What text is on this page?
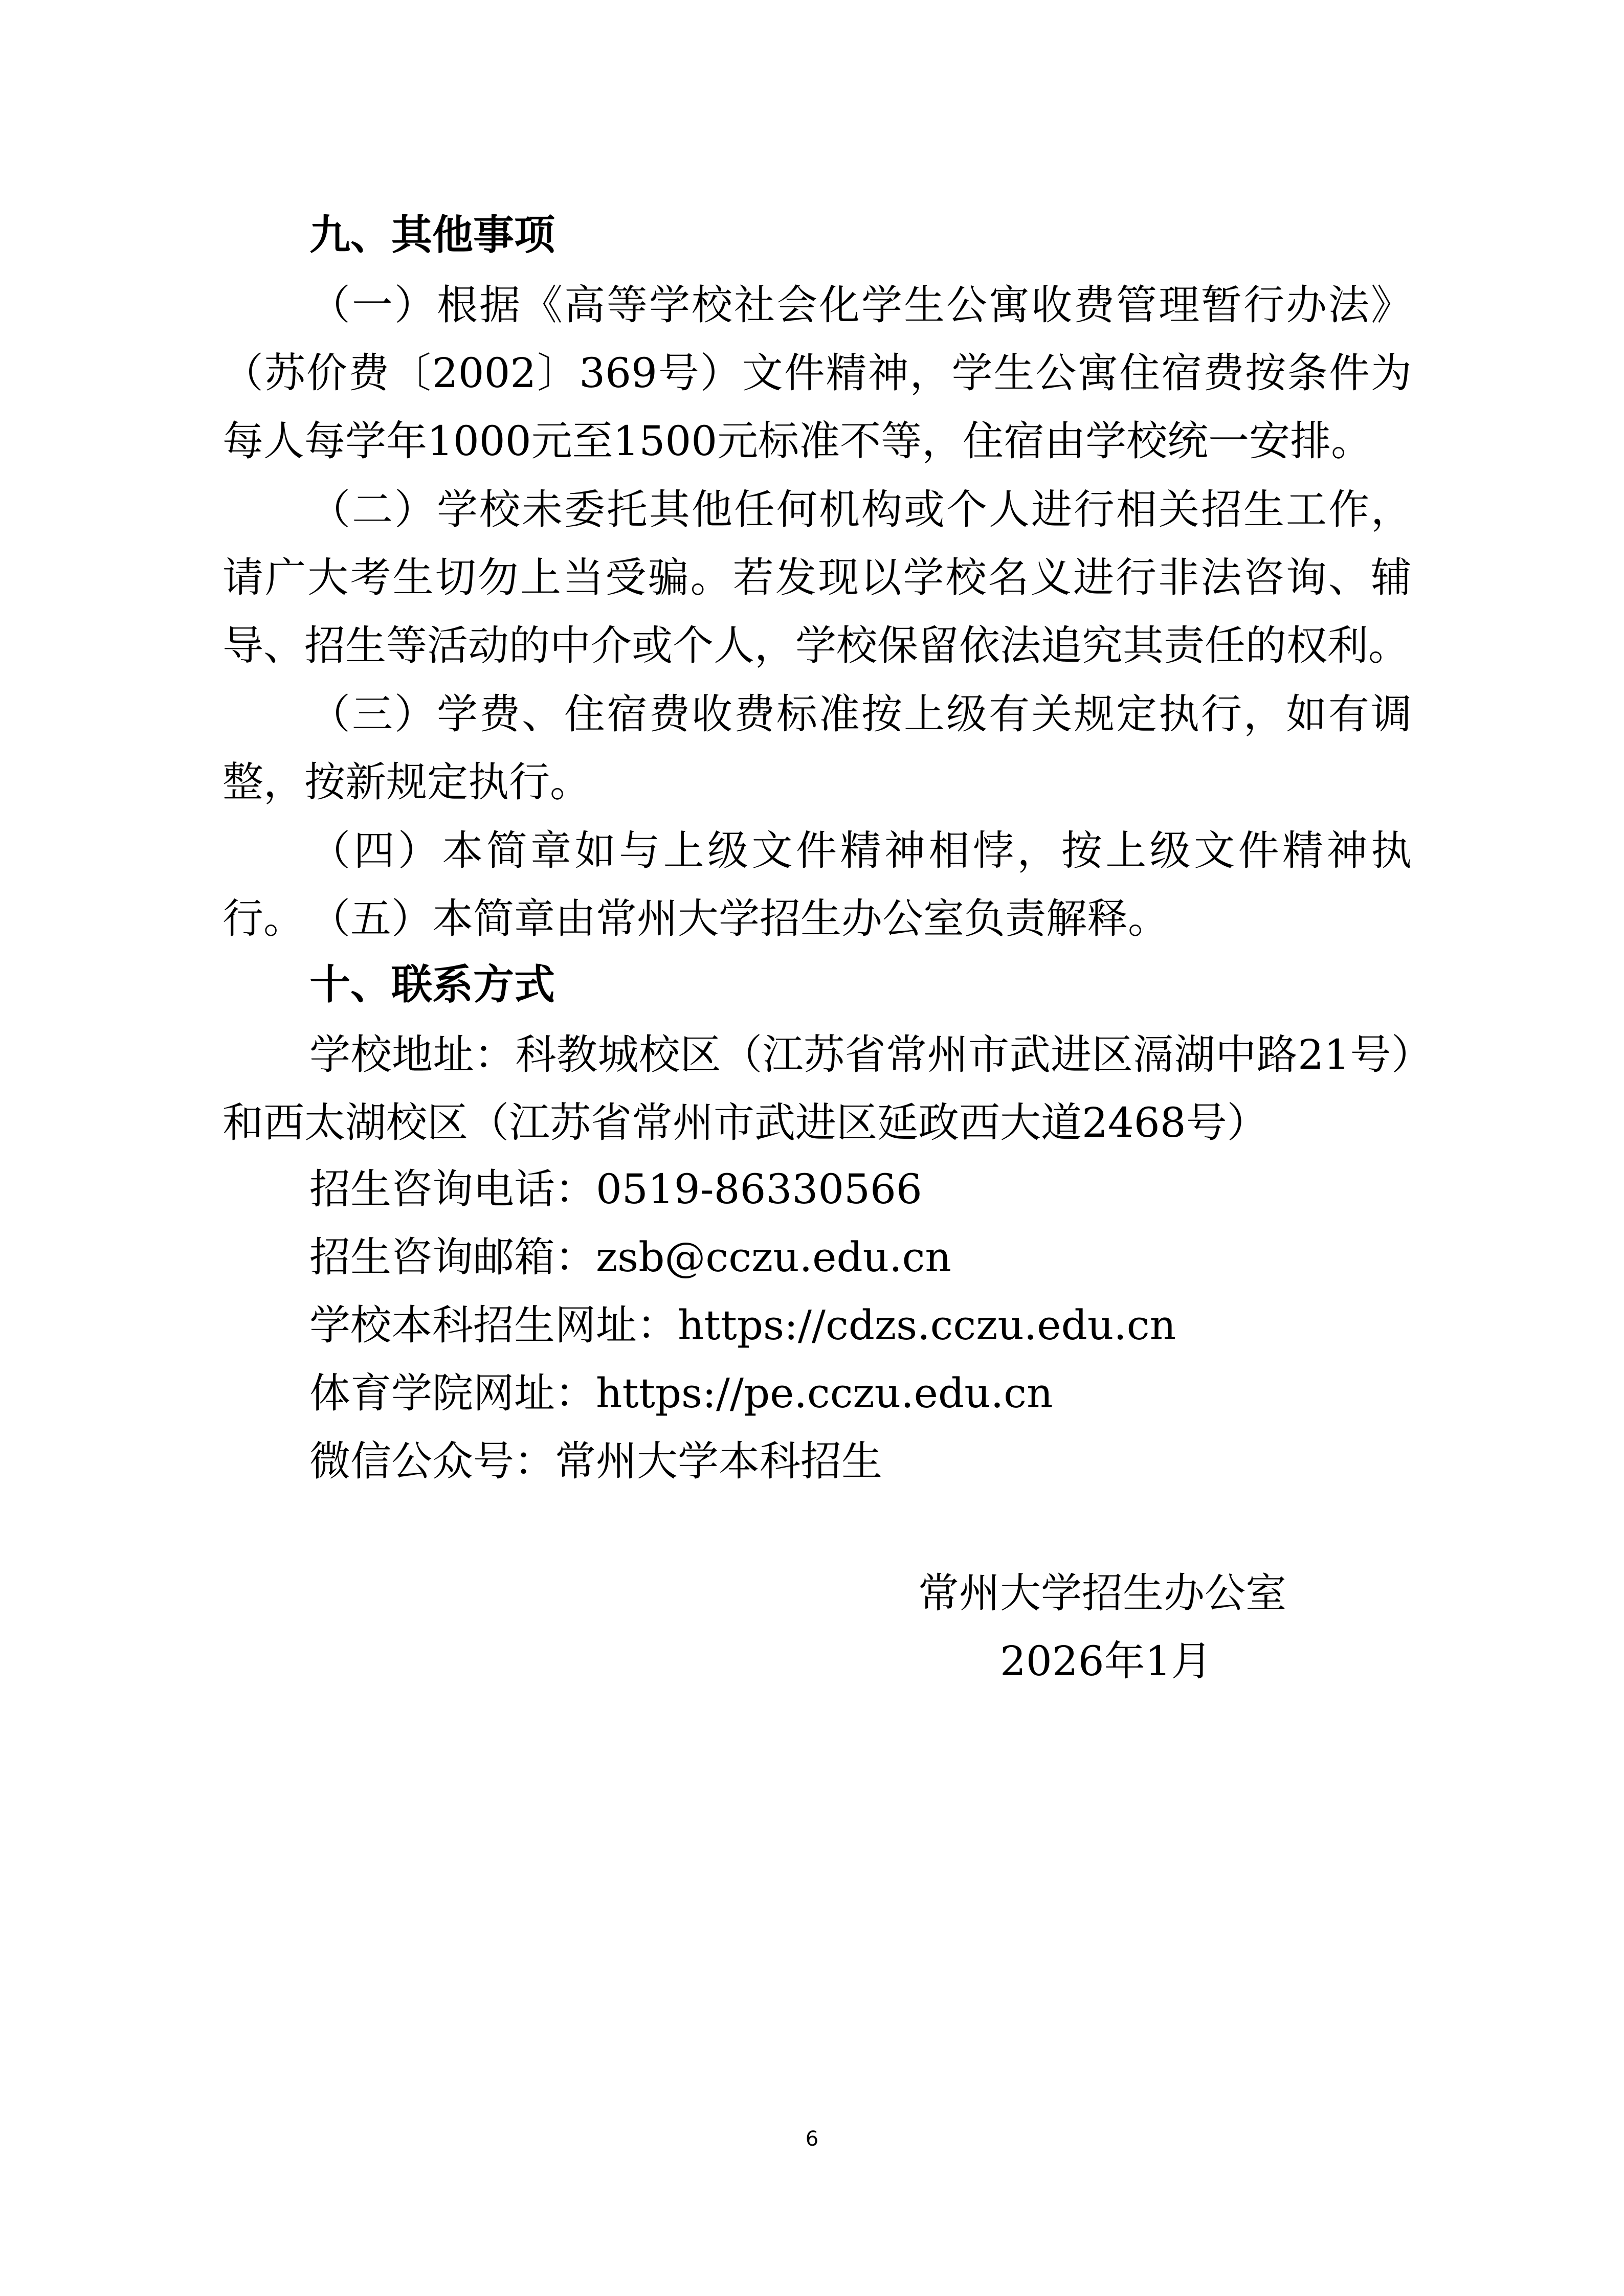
九、其他事项

（一）根据《高等学校社会化学生公寓收费管理暂行办法》（苏价费〔2002〕369号）文件精神，学生公寓住宿费按条件为每人每学年1000元至1500元标准不等，住宿由学校统一安排。

（二）学校未委托其他任何机构或个人进行相关招生工作，请广大考生切勿上当受骗。若发现以学校名义进行非法咨询、辅导、招生等活动的中介或个人，学校保留依法追究其责任的权利。

（三）学费、住宿费收费标准按上级有关规定执行，如有调整，按新规定执行。

（四）本简章如与上级文件精神相悖，按上级文件精神执行。 （五）本简章由常州大学招生办公室负责解释。

十、联系方式

学校地址：科教城校区（江苏省常州市武进区滆湖中路21号）和西太湖校区（江苏省常州市武进区延政西大道2468号）

招生咨询电话：0519-86330566
招生咨询邮箱：zsb@cczu.edu.cn
学校本科招生网址：https://cdzs.cczu.edu.cn
体育学院网址：https://pe.cczu.edu.cn
微信公众号：常州大学本科招生
常州大学招生办公室
2026年1月
6
